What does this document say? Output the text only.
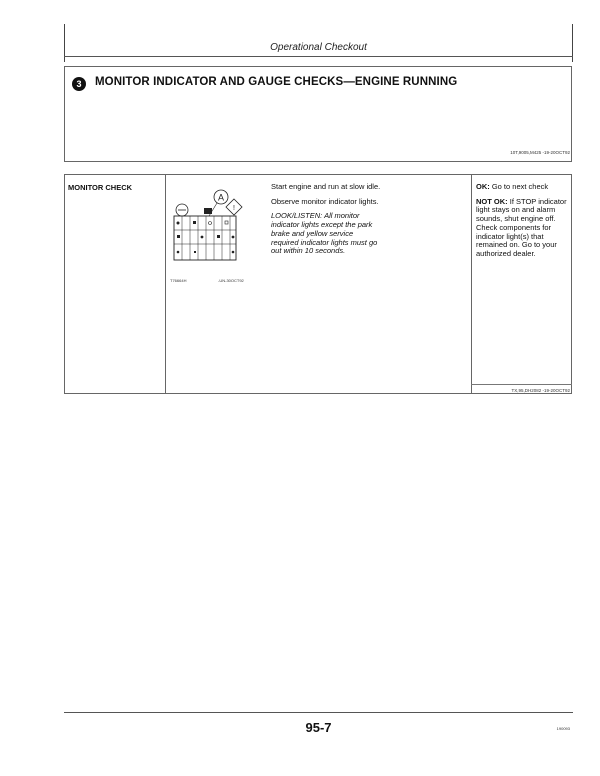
Operational Checkout
3	MONITOR INDICATOR AND GAUGE CHECKS—ENGINE RUNNING
10T,9005,M425 -19-20OCT92
MONITOR CHECK
A
!
T76664H	-UN-30OCT92

Start engine and run at slow idle.

Observe monitor indicator lights.

LOOK/LISTEN: All monitor indicator lights except the park brake and yellow service required indicator lights must go out within 10 seconds.

OK: Go to next check

NOT OK: If STOP indicator light stays on and alarm sounds, shut engine off. Check components for indicator light(s) that remained on. Go to your authorized dealer.

TX,95,DH2082 -19-20OCT92
95-7	190093
